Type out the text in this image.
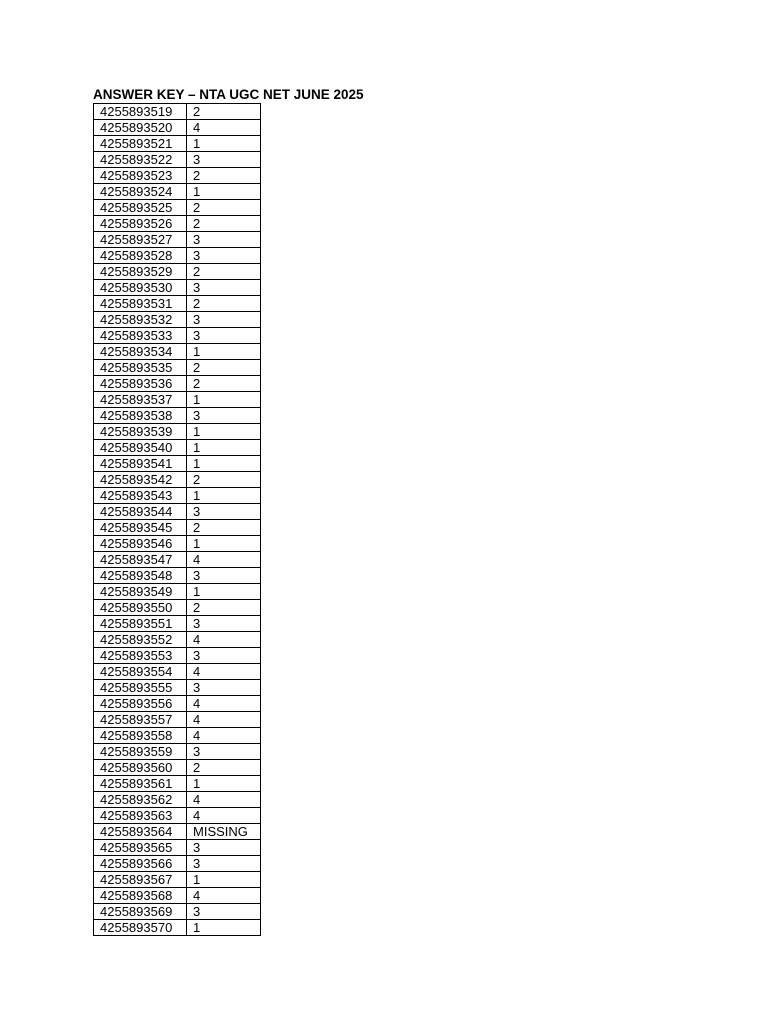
ANSWER KEY – NTA UGC NET JUNE 2025
4255893519	2
4255893520	4
4255893521	1
4255893522	3
4255893523	2
4255893524	1
4255893525	2
4255893526	2
4255893527	3
4255893528	3
4255893529	2
4255893530	3
4255893531	2
4255893532	3
4255893533	3
4255893534	1
4255893535	2
4255893536	2
4255893537	1
4255893538	3
4255893539	1
4255893540	1
4255893541	1
4255893542	2
4255893543	1
4255893544	3
4255893545	2
4255893546	1
4255893547	4
4255893548	3
4255893549	1
4255893550	2
4255893551	3
4255893552	4
4255893553	3
4255893554	4
4255893555	3
4255893556	4
4255893557	4
4255893558	4
4255893559	3
4255893560	2
4255893561	1
4255893562	4
4255893563	4
4255893564	MISSING
4255893565	3
4255893566	3
4255893567	1
4255893568	4
4255893569	3
4255893570	1
